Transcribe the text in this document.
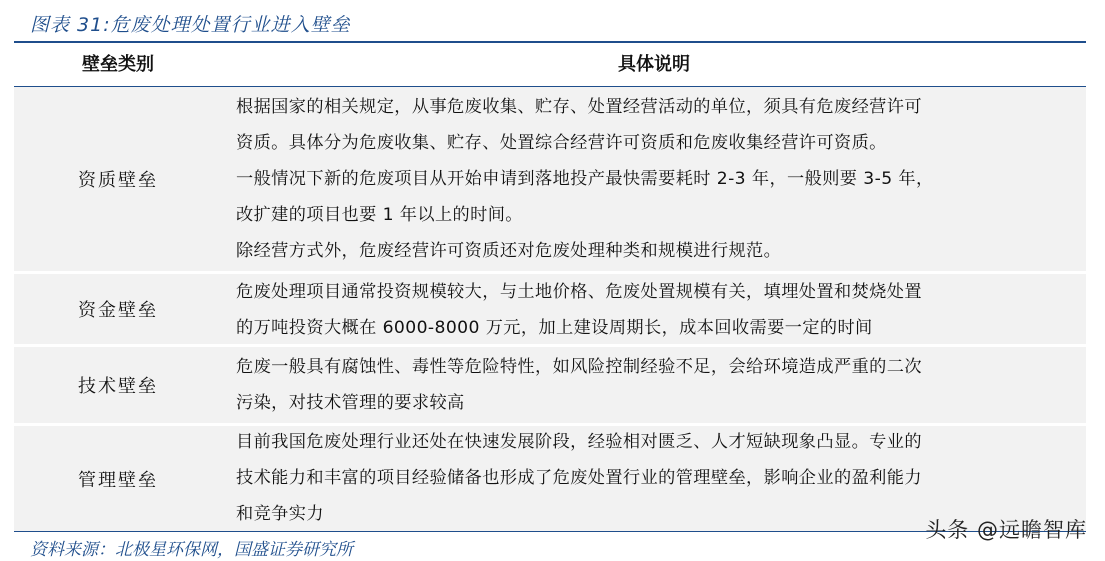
图表 31:危废处理处置行业进入壁垒
壁垒类别	具体说明
资质壁垒
根据国家的相关规定，从事危废收集、贮存、处置经营活动的单位，须具有危废经营许可
资质。具体分为危废收集、贮存、处置综合经营许可资质和危废收集经营许可资质。
一般情况下新的危废项目从开始申请到落地投产最快需要耗时 2-3 年，一般则要 3-5 年，
改扩建的项目也要 1 年以上的时间。
除经营方式外，危废经营许可资质还对危废处理种类和规模进行规范。
资金壁垒
危废处理项目通常投资规模较大，与土地价格、危废处置规模有关，填埋处置和焚烧处置
的万吨投资大概在 6000-8000 万元，加上建设周期长，成本回收需要一定的时间
技术壁垒
危废一般具有腐蚀性、毒性等危险特性，如风险控制经验不足，会给环境造成严重的二次
污染，对技术管理的要求较高
管理壁垒
目前我国危废处理行业还处在快速发展阶段，经验相对匮乏、人才短缺现象凸显。专业的
技术能力和丰富的项目经验储备也形成了危废处置行业的管理壁垒，影响企业的盈利能力
和竞争实力
资料来源：北极星环保网，国盛证券研究所
头条 @远瞻智库
